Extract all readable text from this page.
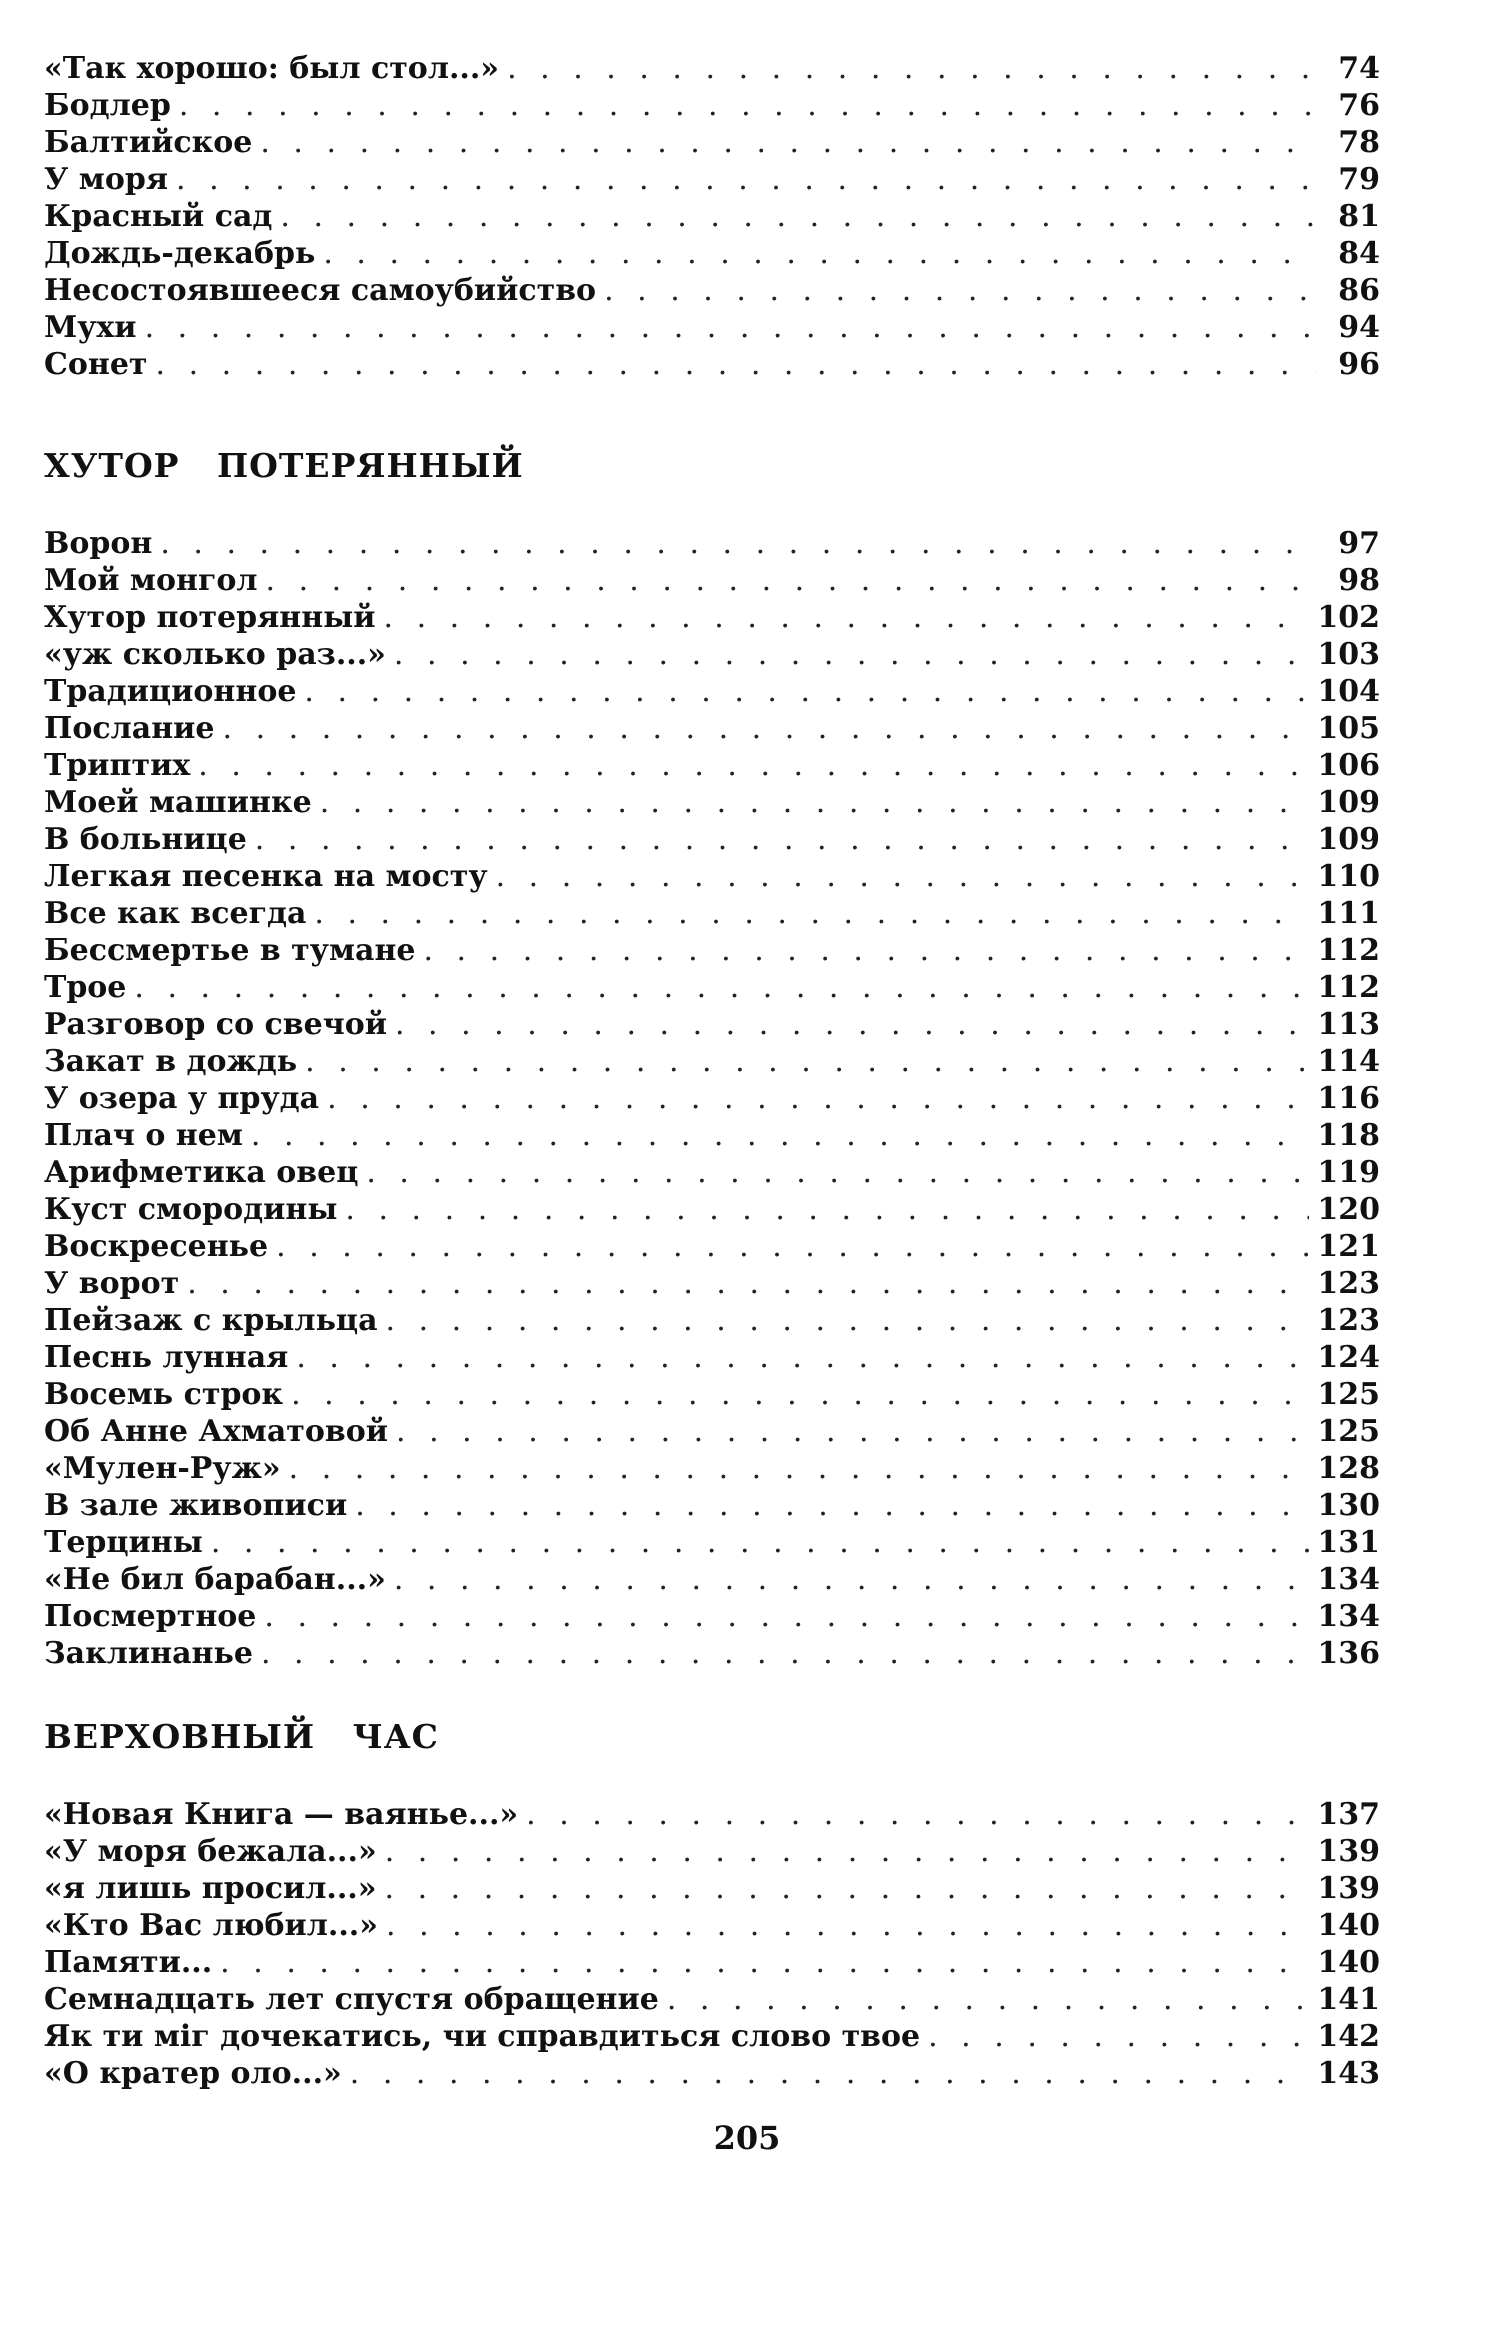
«Так хорошо: был стол...» . . .	74
Бодлер . . .	76
Балтийское . . .	78
У моря . . .	79
Красный сад . . .	81
Дождь-декабрь . . .	84
Несостоявшееся самоубийство . . .	86
Мухи . . .	94
Сонет . . .	96
ХУТОР   ПОТЕРЯННЫЙ
Ворон . . .	97
Мой монгол . . .	98
Хутор потерянный . . .	102
«уж сколько раз...» . . .	103
Традиционное . . .	104
Послание . . .	105
Триптих . . .	106
Моей машинке . . .	109
В больнице . . .	109
Легкая песенка на мосту . . .	110
Все как всегда . . .	111
Бессмертье в тумане . . .	112
Трое . . .	112
Разговор со свечой . . .	113
Закат в дождь . . .	114
У озера у пруда . . .	116
Плач о нем . . .	118
Арифметика овец . . .	119
Куст смородины . . .	120
Воскресенье . . .	121
У ворот . . .	123
Пейзаж с крыльца . . .	123
Песнь лунная . . .	124
Восемь строк . . .	125
Об Анне Ахматовой . . .	125
«Мулен-Руж» . . .	128
В зале живописи . . .	130
Терцины . . .	131
«Не бил барабан...» . . .	134
Посмертное . . .	134
Заклинанье . . .	136
ВЕРХОВНЫЙ   ЧАС
«Новая Книга — ваянье...» . . .	137
«У моря бежала...» . . .	139
«я лишь просил...» . . .	139
«Кто Вас любил...» . . .	140
Памяти... . . .	140
Семнадцать лет спустя обращение . . .	141
Як ти міг дочекатись, чи справдиться слово твое . . .	142
«О кратер оло...» . . .	143
205
